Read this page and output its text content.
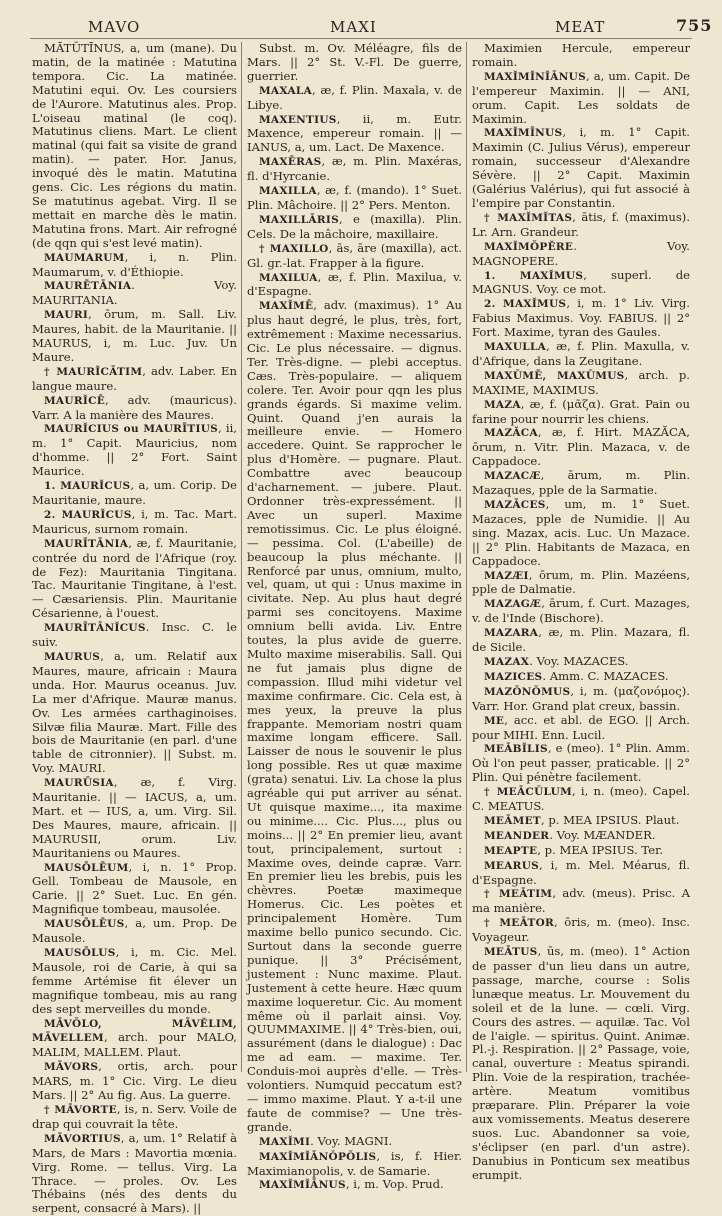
MAVO	MAXI	MEAT	755
MĀTŪTĪNUS, a, um (mane). Du matin, de la matinée : Matutina tempora. Cic. La matinée. Matutini equi. Ov. Les coursiers de l'Aurore. Matutinus ales. Prop. L'oiseau matinal (le coq). Matutinus cliens. Mart. Le client matinal (qui fait sa visite de grand matin). — pater. Hor. Janus, invoqué dès le matin. Matutina gens. Cic. Les régions du matin. Se matutinus agebat. Virg. Il se mettait en marche dès le matin. Matutina frons. Mart. Air refrogné (de qqn qui s'est levé matin).
MAUMARUM, i, n. Plin. Maumarum, v. d'Éthiopie.
MAURĒTĀNIA. Voy. MAURITANIA.
MAURI, ōrum, m. Sall. Liv. Maures, habit. de la Mauritanie. || MAURUS, i, m. Luc. Juv. Un Maure.
† MAURĬCĀTIM, adv. Laber. En langue maure.
MAURĬCĒ, adv. (mauricus). Varr. A la manière des Maures.
MAURĬCIUS ou MAURĪTIUS, ii, m. 1° Capit. Mauricius, nom d'homme. || 2° Fort. Saint Maurice.
1. MAURĬCUS, a, um. Corip. De Mauritanie, maure.
2. MAURĬCUS, i, m. Tac. Mart. Mauricus, surnom romain.
MAURĪTĀNIA, æ, f. Mauritanie, contrée du nord de l'Afrique (roy. de Fez): Mauritania Tingitana. Tac. Mauritanie Tingitane, à l'est. — Cæsariensis. Plin. Mauritanie Césarienne, à l'ouest.
MAURĪTĀNĬCUS. Insc. C. le suiv.
MAURUS, a, um. Relatif aux Maures, maure, africain : Maura unda. Hor. Maurus oceanus. Juv. La mer d'Afrique. Mauræ manus. Ov. Les armées carthaginoises. Silvæ filia Mauræ. Mart. Fille des bois de Mauritanie (en parl. d'une table de citronnier). || Subst. m. Voy. MAURI.
MAURŪSIA, æ, f. Virg. Mauritanie. || — IACUS, a, um. Mart. et — IUS, a, um. Virg. Sil. Des Maures, maure, africain. || MAURUSII, orum. Liv. Mauritaniens ou Maures.
MAUSŌLĒUM, i, n. 1° Prop. Gell. Tombeau de Mausole, en Carie. || 2° Suet. Luc. En gén. Magnifique tombeau, mausolée.
MAUSŌLĒUS, a, um. Prop. De Mausole.
MAUSŌLUS, i, m. Cic. Mel. Mausole, roi de Carie, à qui sa femme Artémise fit élever un magnifique tombeau, mis au rang des sept merveilles du monde.
MĀVŎLO, MĀVĔLIM, MĀVELLEM, arch. pour MALO, MALIM, MALLEM. Plaut.
MĀVORS, ortis, arch. pour MARS, m. 1° Cic. Virg. Le dieu Mars. || 2° Au fig. Aus. La guerre.
† MĀVORTE, is, n. Serv. Voile de drap qui couvrait la tête.
MĀVORTIUS, a, um. 1° Relatif à Mars, de Mars : Mavortia mœnia. Virg. Rome. — tellus. Virg. La Thrace. — proles. Ov. Les Thébains (nés des dents du serpent, consacré à Mars). ||
Subst. m. Ov. Méléagre, fils de Mars. || 2° St. V.-Fl. De guerre, guerrier.
MAXALA, æ, f. Plin. Maxala, v. de Libye.
MAXENTIUS, ii, m. Eutr. Maxence, empereur romain. || — IANUS, a, um. Lact. De Maxence.
MAXĒRAS, æ, m. Plin. Maxéras, fl. d'Hyrcanie.
MAXILLA, æ, f. (mando). 1° Suet. Plin. Mâchoire. || 2° Pers. Menton.
MAXILLĀRIS, e (maxilla). Plin. Cels. De la mâchoire, maxillaire.
† MAXILLO, ās, āre (maxilla), act. Gl. gr.-lat. Frapper à la figure.
MAXILUA, æ, f. Plin. Maxilua, v. d'Espagne.
MAXĬMĒ, adv. (maximus). 1° Au plus haut degré, le plus, très, fort, extrêmement : Maxime necessarius. Cic. Le plus nécessaire. — dignus. Ter. Très-digne. — plebi acceptus. Cæs. Très-populaire. — aliquem colere. Ter. Avoir pour qqn les plus grands égards. Si maxime velim. Quint. Quand j'en aurais la meilleure envie. — Homero accedere. Quint. Se rapprocher le plus d'Homère. — pugnare. Plaut. Combattre avec beaucoup d'acharnement. — jubere. Plaut. Ordonner très-expressément. || Avec un superl. Maxime remotissimus. Cic. Le plus éloigné. — pessima. Col. (L'abeille) de beaucoup la plus méchante. || Renforcé par unus, omnium, multo, vel, quam, ut qui : Unus maxime in civitate. Nep. Au plus haut degré parmi ses concitoyens. Maxime omnium belli avida. Liv. Entre toutes, la plus avide de guerre. Multo maxime miserabilis. Sall. Qui ne fut jamais plus digne de compassion. Illud mihi videtur vel maxime confirmare. Cic. Cela est, à mes yeux, la preuve la plus frappante. Memoriam nostri quam maxime longam efficere. Sall. Laisser de nous le souvenir le plus long possible. Res ut quæ maxime (grata) senatui. Liv. La chose la plus agréable qui put arriver au sénat. Ut quisque maxime..., ita maxime ou minime.... Cic. Plus..., plus ou moins... || 2° En premier lieu, avant tout, principalement, surtout : Maxime oves, deinde capræ. Varr. En premier lieu les brebis, puis les chèvres. Poetæ maximeque Homerus. Cic. Les poètes et principalement Homère. Tum maxime bello punico secundo. Cic. Surtout dans la seconde guerre punique. || 3° Précisément, justement : Nunc maxime. Plaut. Justement à cette heure. Hæc quum maxime loqueretur. Cic. Au moment même où il parlait ainsi. Voy. QUUMMAXIME. || 4° Très-bien, oui, assurément (dans le dialogue) : Dac me ad eam. — maxime. Ter. Conduis-moi auprès d'elle. — Très-volontiers. Numquid peccatum est? — immo maxime. Plaut. Y a-t-il une faute de commise? — Une très-grande.
MAXĬMI. Voy. MAGNI.
MAXĬMĬĀNŎPŎLIS, is, f. Hier. Maximianopolis, v. de Samarie.
MAXĬMĬĀNUS, i, m. Vop. Prud.
Maximien Hercule, empereur romain.
MAXĬMĬNĬĀNUS, a, um. Capit. De l'empereur Maximin. || — ANI, orum. Capit. Les soldats de Maximin.
MAXĬMĪNUS, i, m. 1° Capit. Maximin (C. Julius Vérus), empereur romain, successeur d'Alexandre Sévère. || 2° Capit. Maximin (Galérius Valérius), qui fut associé à l'empire par Constantin.
† MAXĬMĬTAS, ātis, f. (maximus). Lr. Arn. Grandeur.
MAXĬMŎPĔRE. Voy. MAGNOPERE.
1. MAXĬMUS, superl. de MAGNUS. Voy. ce mot.
2. MAXĬMUS, i, m. 1° Liv. Virg. Fabius Maximus. Voy. FABIUS. || 2° Fort. Maxime, tyran des Gaules.
MAXULLA, æ, f. Plin. Maxulla, v. d'Afrique, dans la Zeugitane.
MAXŬMĒ, MAXŬMUS, arch. p. MAXIME, MAXIMUS.
MAZA, æ, f. (μᾶζα). Grat. Pain ou farine pour nourrir les chiens.
MAZĂCA, æ, f. Hirt. MAZĂCA, ōrum, n. Vitr. Plin. Mazaca, v. de Cappadoce.
MAZACÆ, ārum, m. Plin. Mazaques, pple de la Sarmatie.
MAZĀCES, um, m. 1° Suet. Mazaces, pple de Numidie. || Au sing. Mazax, acis. Luc. Un Mazace. || 2° Plin. Habitants de Mazaca, en Cappadoce.
MAZÆI, ōrum, m. Plin. Mazéens, pple de Dalmatie.
MAZAGÆ, ārum, f. Curt. Mazages, v. de l'Inde (Bischore).
MAZARA, æ, m. Plin. Mazara, fl. de Sicile.
MAZAX. Voy. MAZACES.
MAZICES. Amm. C. MAZACES.
MAZŎNŎMUS, i, m. (μαζονόμος). Varr. Hor. Grand plat creux, bassin.
ME, acc. et abl. de EGO. || Arch. pour MIHI. Enn. Lucil.
MEĀBĬLIS, e (meo). 1° Plin. Amm. Où l'on peut passer, praticable. || 2° Plin. Qui pénètre facilement.
† MEĀCŬLUM, i, n. (meo). Capel. C. MEATUS.
MEĀMET, p. MEA IPSIUS. Plaut.
MEANDER. Voy. MÆANDER.
MEAPTE, p. MEA IPSIUS. Ter.
MEARUS, i, m. Mel. Méarus, fl. d'Espagne.
† MEĀTIM, adv. (meus). Prisc. A ma manière.
† MEĀTOR, ōris, m. (meo). Insc. Voyageur.
MEĀTUS, ūs, m. (meo). 1° Action de passer d'un lieu dans un autre, passage, marche, course : Solis lunæque meatus. Lr. Mouvement du soleil et de la lune. — cœli. Virg. Cours des astres. — aquilæ. Tac. Vol de l'aigle. — spiritus. Quint. Animæ. Pl.-j. Respiration. || 2° Passage, voie, canal, ouverture : Meatus spirandi. Plin. Voie de la respiration, trachée-artère. Meatum vomitibus præparare. Plin. Préparer la voie aux vomissements. Meatus deserere suos. Luc. Abandonner sa voie, s'éclipser (en parl. d'un astre). Danubius in Ponticum sex meatibus erumpit.
